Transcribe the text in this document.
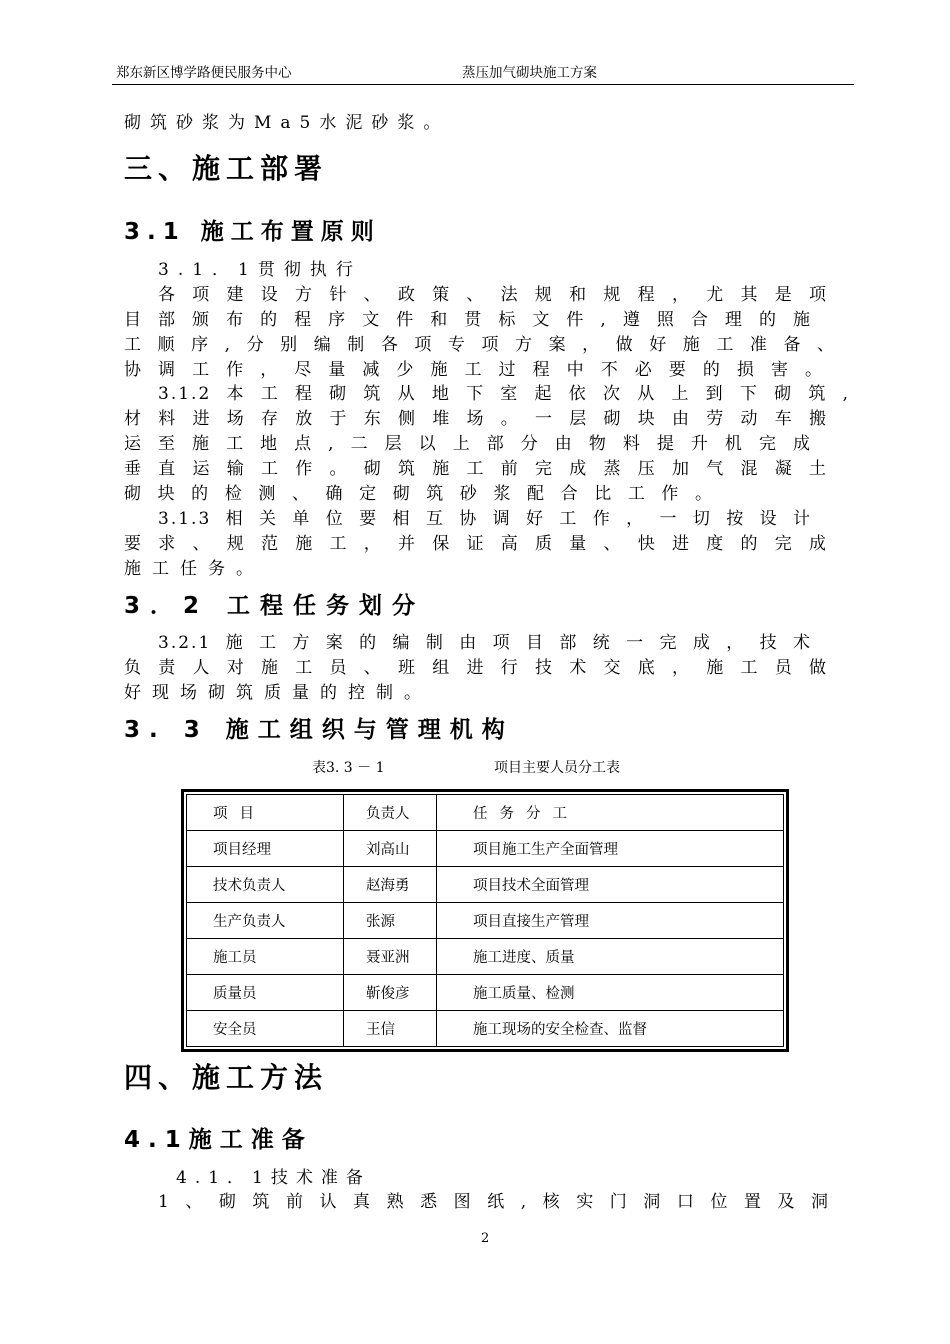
郑东新区博学路便民服务中心	蒸压加气砌块施工方案
砌筑砂浆为Ma5水泥砂浆。
三、施工部署
3.1 施工布置原则
3.1．1贯彻执行
各项建设方针、政策、法规和规程，尤其是项
目部颁布的程序文件和贯标文件,遵照合理的施
工顺序,分别编制各项专项方案，做好施工准备、
协调工作，尽量减少施工过程中不必要的损害。
3.1.2本工程砌筑从地下室起依次从上到下砌筑,
材料进场存放于东侧堆场。一层砌块由劳动车搬
运至施工地点,二层以上部分由物料提升机完成
垂直运输工作。砌筑施工前完成蒸压加气混凝土
砌块的检测、确定砌筑砂浆配合比工作。
3.1.3相关单位要相互协调好工作，一切按设计
要求、规范施工，并保证高质量、快进度的完成
施工任务。
3．2 工程任务划分
3.2.1施工方案的编制由项目部统一完成，技术
负责人对施工员、班组进行技术交底，施工员做
好现场砌筑质量的控制。
3. 3 施工组织与管理机构
表3. 3 － 1	项目主要人员分工表
项目	负责人	任务分工
项目经理	刘高山	项目施工生产全面管理
技术负责人	赵海勇	项目技术全面管理
生产负责人	张源	项目直接生产管理
施工员	聂亚洲	施工进度、质量
质量员	靳俊彦	施工质量、检测
安全员	王信	施工现场的安全检查、监督
四、施工方法
4.1施工准备
4.1．1技术准备
1、砌筑前认真熟悉图纸,核实门洞口位置及洞
2
